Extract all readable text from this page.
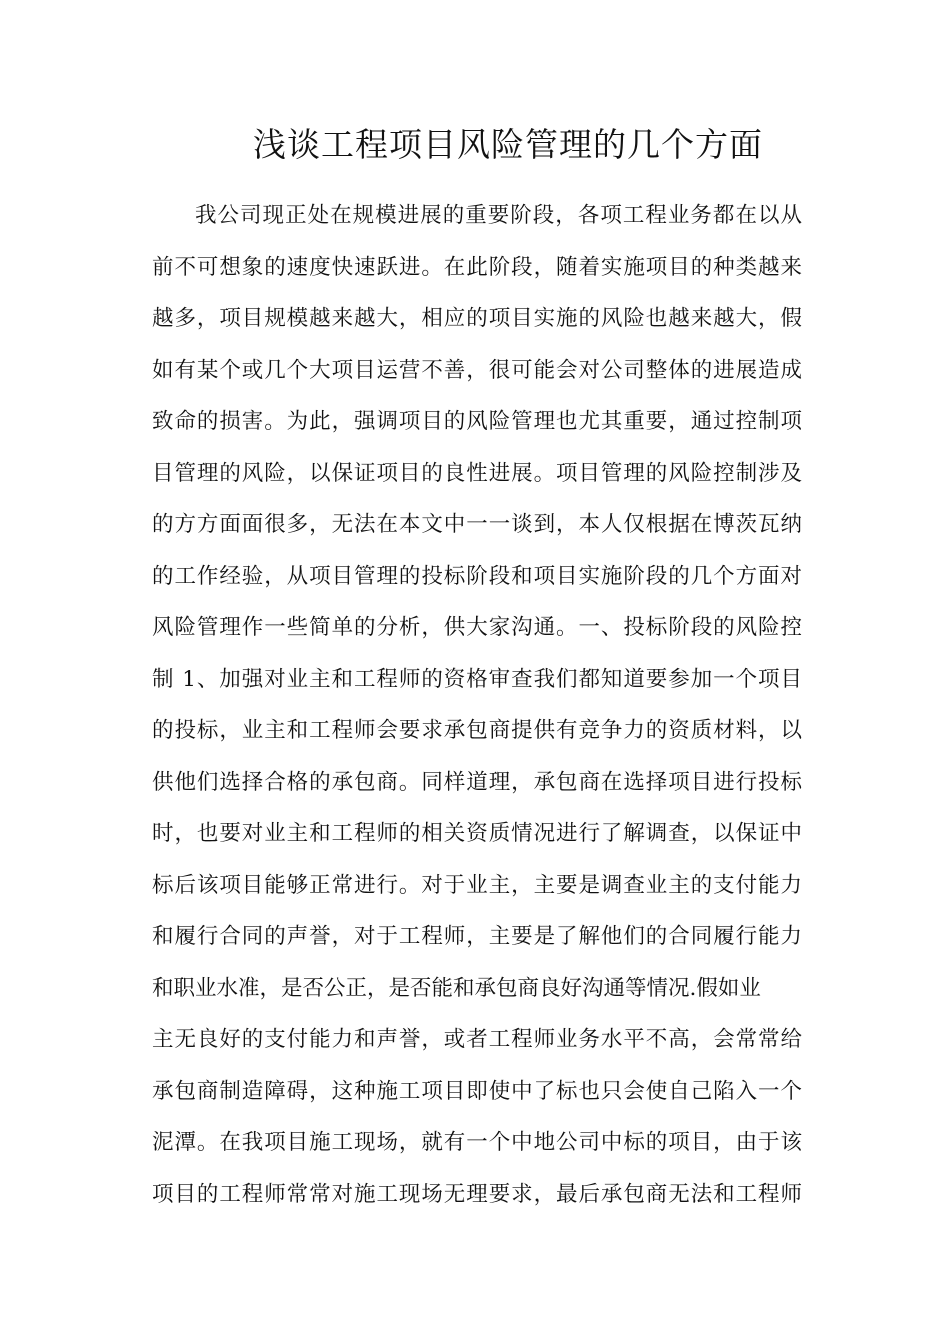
浅谈工程项目风险管理的几个方面
我公司现正处在规模进展的重要阶段，各项工程业务都在以从
前不可想象的速度快速跃进。在此阶段，随着实施项目的种类越来
越多，项目规模越来越大，相应的项目实施的风险也越来越大，假
如有某个或几个大项目运营不善，很可能会对公司整体的进展造成
致命的损害。为此，强调项目的风险管理也尤其重要，通过控制项
目管理的风险，以保证项目的良性进展。项目管理的风险控制涉及
的方方面面很多，无法在本文中一一谈到，本人仅根据在博茨瓦纳
的工作经验，从项目管理的投标阶段和项目实施阶段的几个方面对
风险管理作一些简单的分析，供大家沟通。一、投标阶段的风险控
制 1、加强对业主和工程师的资格审查我们都知道要参加一个项目
的投标，业主和工程师会要求承包商提供有竞争力的资质材料，以
供他们选择合格的承包商。同样道理，承包商在选择项目进行投标
时，也要对业主和工程师的相关资质情况进行了解调查，以保证中
标后该项目能够正常进行。对于业主，主要是调查业主的支付能力
和履行合同的声誉，对于工程师，主要是了解他们的合同履行能力
和职业水准，是否公正，是否能和承包商良好沟通等情况.假如业
主无良好的支付能力和声誉，或者工程师业务水平不高，会常常给
承包商制造障碍，这种施工项目即使中了标也只会使自己陷入一个
泥潭。在我项目施工现场，就有一个中地公司中标的项目，由于该
项目的工程师常常对施工现场无理要求，最后承包商无法和工程师
